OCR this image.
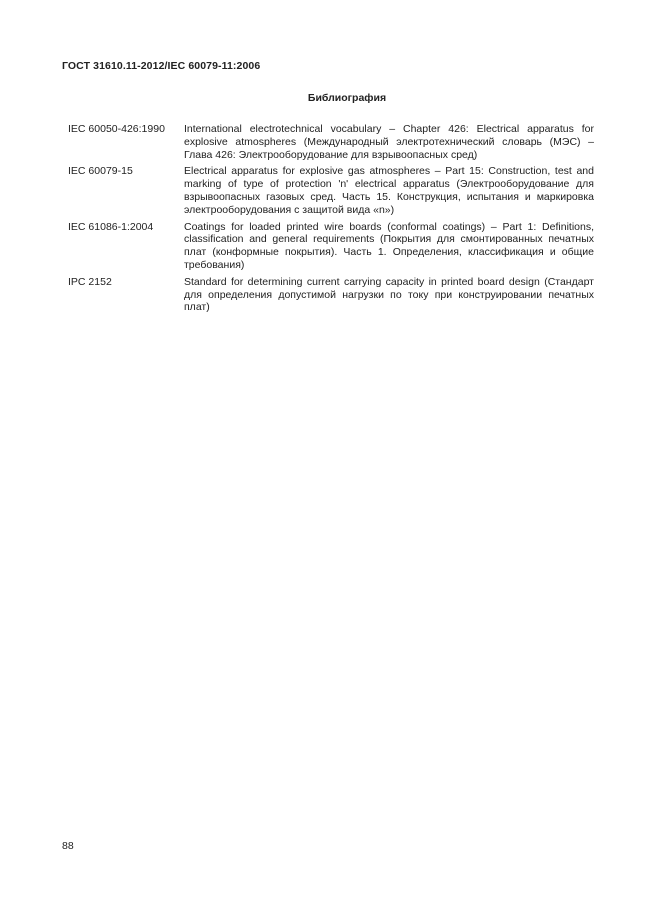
ГОСТ 31610.11-2012/IEC 60079-11:2006
Библиография
IEC 60050-426:1990	International electrotechnical vocabulary – Chapter 426: Electrical apparatus for explosive atmospheres (Международный электротехнический словарь (МЭС) – Глава 426: Электрооборудование для взрывоопасных сред)
IEC 60079-15	Electrical apparatus for explosive gas atmospheres – Part 15: Construction, test and marking of type of protection 'n' electrical apparatus (Электрооборудование для взрывоопасных газовых сред. Часть 15. Конструкция, испытания и маркировка электрооборудования с защитой вида «n»)
IEC 61086-1:2004	Coatings for loaded printed wire boards (conformal coatings) – Part 1: Definitions, classification and general requirements (Покрытия для смонтированных печатных плат (конформные покрытия). Часть 1. Определения, классификация и общие требования)
IPC 2152	Standard for determining current carrying capacity in printed board design (Стандарт для определения допустимой нагрузки по току при конструировании печатных плат)
88
